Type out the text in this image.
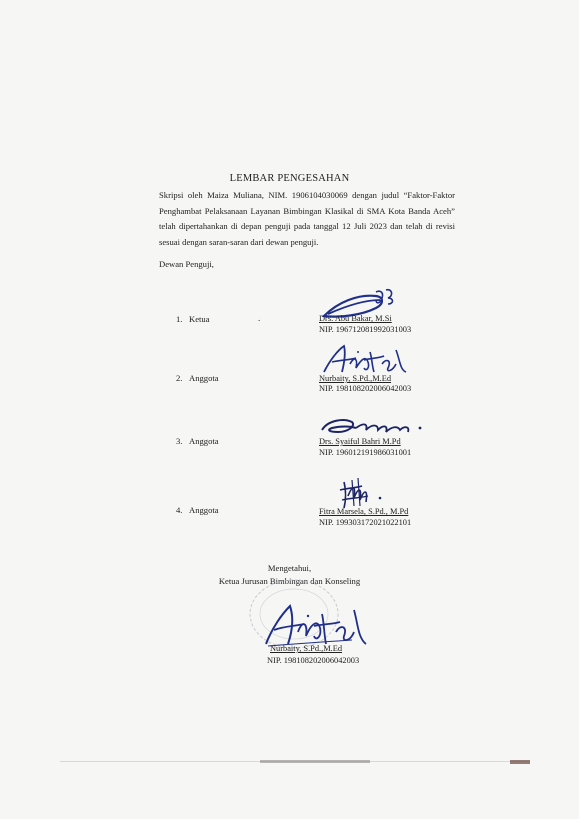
LEMBAR PENGESAHAN
Skripsi oleh Maiza Muliana, NIM. 1906104030069 dengan judul “Faktor-Faktor
Penghambat Pelaksanaan Layanan Bimbingan Klasikal di SMA Kota Banda Aceh”
telah dipertahankan di depan penguji pada tanggal 12 Juli 2023 dan telah di revisi
sesuai dengan saran-saran dari dewan penguji.
Dewan Penguji,
1. Ketua	.	Drs. Abu Bakar, M.Si
NIP. 196712081992031003
2. Anggota	Nurbaity, S.Pd.,M.Ed
NIP. 198108202006042003
3. Anggota	Drs. Syaiful Bahri M.Pd
NIP. 196012191986031001
4. Anggota	Fitra Marsela, S.Pd., M.Pd
NIP. 199303172021022101
Mengetahui,
Ketua Jurusan Bimbingan dan Konseling
Nurbaity, S.Pd.,M.Ed
NIP. 198108202006042003
